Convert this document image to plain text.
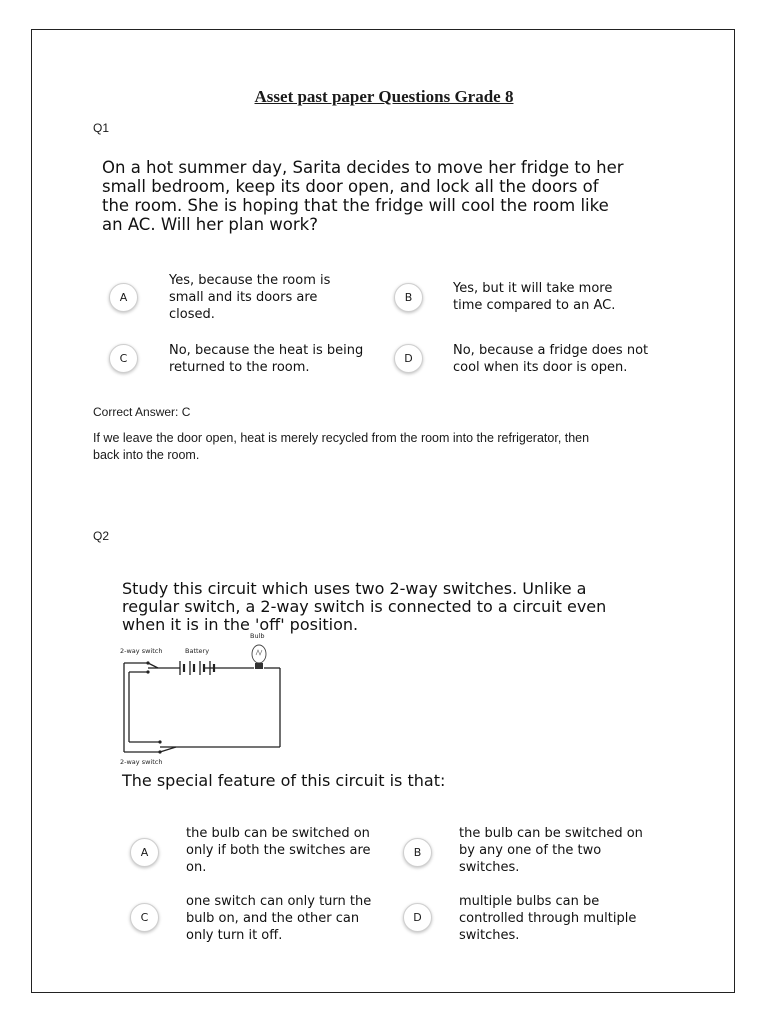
Asset past paper Questions Grade 8
Q1
On a hot summer day, Sarita decides to move her fridge to her
small bedroom, keep its door open, and lock all the doors of
the room. She is hoping that the fridge will cool the room like
an AC. Will her plan work?
A
Yes, because the room is
small and its doors are
closed.
B
Yes, but it will take more
time compared to an AC.
C
No, because the heat is being
returned to the room.
D
No, because a fridge does not
cool when its door is open.
Correct Answer: C
If we leave the door open, heat is merely recycled from the room into the refrigerator, then
back into the room.
Q2
Study this circuit which uses two 2-way switches. Unlike a
regular switch, a 2-way switch is connected to a circuit even
when it is in the 'off' position.
2-way switch	Battery
Bulb
2-way switch
The special feature of this circuit is that:
A
the bulb can be switched on
only if both the switches are
on.
B
the bulb can be switched on
by any one of the two
switches.
C
one switch can only turn the
bulb on, and the other can
only turn it off.
D
multiple bulbs can be
controlled through multiple
switches.
